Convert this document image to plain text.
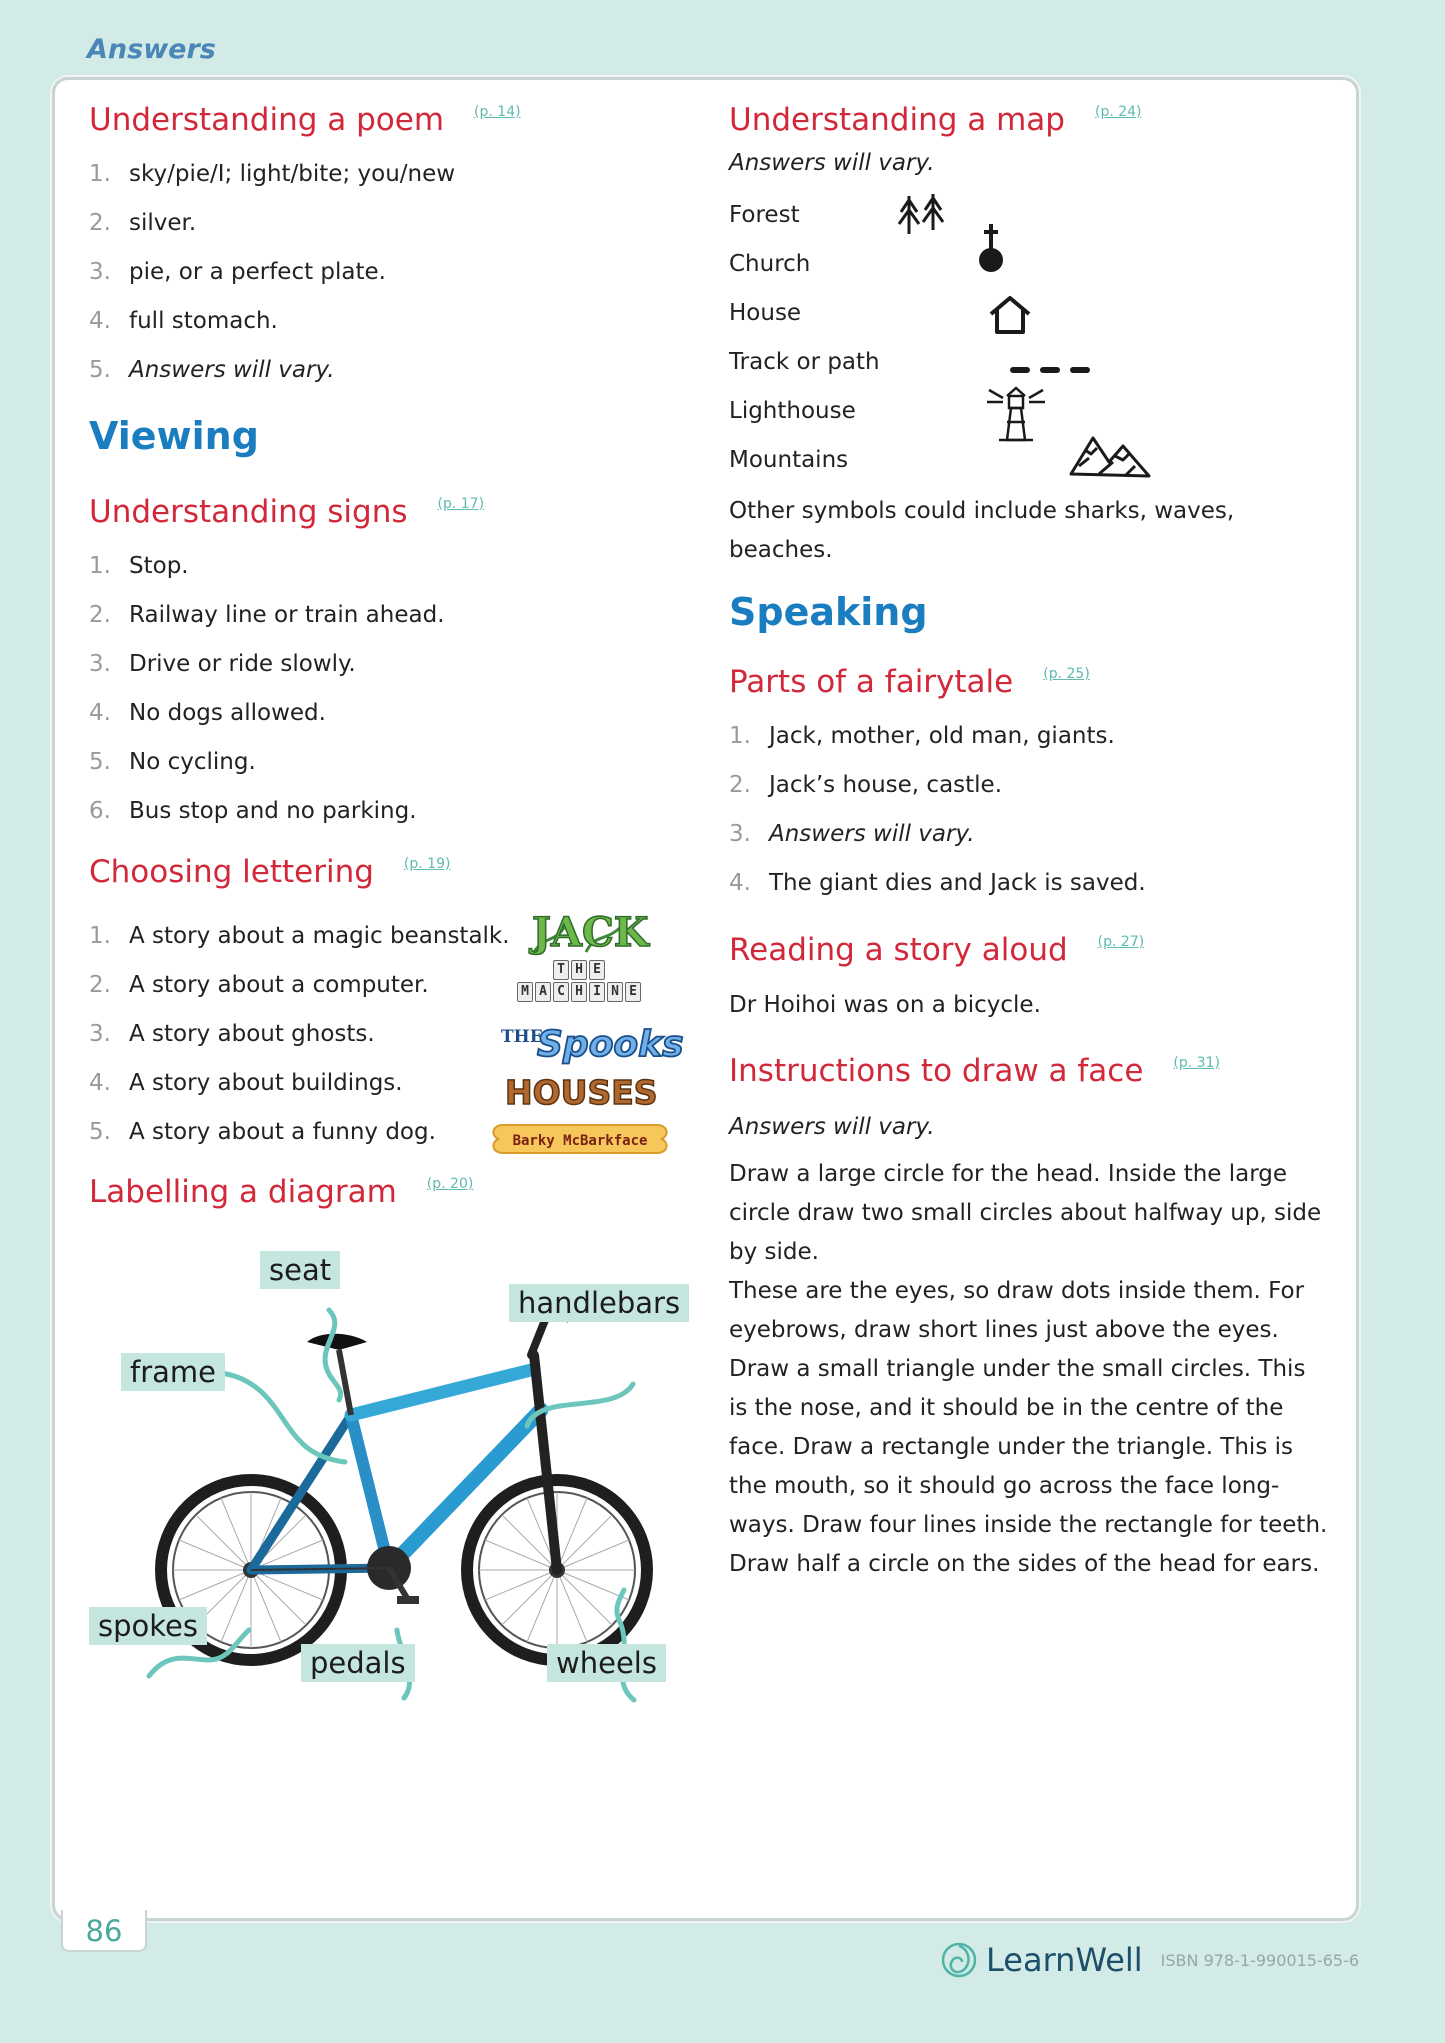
Answers
Understanding a poem $^{(p. 14)}$
1. sky/pie/I; light/bite; you/new
2. silver.
3. pie, or a perfect plate.
4. full stomach.
5. Answers will vary.
Viewing
Understanding signs $^{(p. 17)}$
1. Stop.
2. Railway line or train ahead.
3. Drive or ride slowly.
4. No dogs allowed.
5. No cycling.
6. Bus stop and no parking.
Choosing lettering $^{(p. 19)}$
1. A story about a magic beanstalk.
2. A story about a computer.
3. A story about ghosts.
4. A story about buildings.
5. A story about a funny dog.
JACK
T H E
M A C H I N E
THE
Spooks
HOUSES
Barky McBarkface
Labelling a diagram $^{(p. 20)}$
seat
handlebars
frame
spokes
pedals	wheels
Understanding a map $^{(p. 24)}$
Answers will vary.
Forest
Church
House
Track or path
Lighthouse
Mountains
Other symbols could include sharks, waves, beaches.
Speaking
Parts of a fairytale $^{(p. 25)}$
1. Jack, mother, old man, giants.
2. Jack’s house, castle.
3. Answers will vary.
4. The giant dies and Jack is saved.
Reading a story aloud $^{(p. 27)}$
Dr Hoihoi was on a bicycle.
Instructions to draw a face $^{(p. 31)}$
Answers will vary.
Draw a large circle for the head. Inside the large circle draw two small circles about halfway up, side by side.
These are the eyes, so draw dots inside them. For eyebrows, draw short lines just above the eyes. Draw a small triangle under the small circles. This is the nose, and it should be in the centre of the face. Draw a rectangle under the triangle. This is the mouth, so it should go across the face long-ways. Draw four lines inside the rectangle for teeth. Draw half a circle on the sides of the head for ears.
86
LearnWell ISBN 978-1-990015-65-6
